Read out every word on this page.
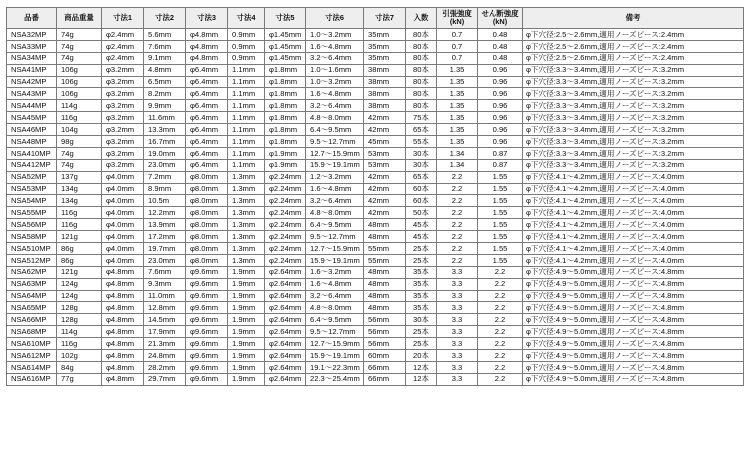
品番	商品重量	寸法1	寸法2	寸法3	寸法4	寸法5	寸法6	寸法7	入数	引張強度(kN)	せん断強度(kN)	備考
NSA32MP	74g	φ2.4mm	5.6mm	φ4.8mm	0.9mm	φ1.45mm	1.0～3.2mm	35mm	80本	0.7	0.48	φ下穴径:2.5～2.6mm,適用ノーズピース:2.4mm
NSA33MP	74g	φ2.4mm	7.6mm	φ4.8mm	0.9mm	φ1.45mm	1.6～4.8mm	35mm	80本	0.7	0.48	φ下穴径:2.5～2.6mm,適用ノーズピース:2.4mm
NSA34MP	74g	φ2.4mm	9.1mm	φ4.8mm	0.9mm	φ1.45mm	3.2～6.4mm	35mm	80本	0.7	0.48	φ下穴径:2.5～2.6mm,適用ノーズピース:2.4mm
NSA41MP	106g	φ3.2mm	4.8mm	φ6.4mm	1.1mm	φ1.8mm	1.0～1.6mm	38mm	80本	1.35	0.96	φ下穴径:3.3～3.4mm,適用ノーズピース:3.2mm
NSA42MP	106g	φ3.2mm	6.5mm	φ6.4mm	1.1mm	φ1.8mm	1.0～3.2mm	38mm	80本	1.35	0.96	φ下穴径:3.3～3.4mm,適用ノーズピース:3.2mm
NSA43MP	106g	φ3.2mm	8.2mm	φ6.4mm	1.1mm	φ1.8mm	1.6～4.8mm	38mm	80本	1.35	0.96	φ下穴径:3.3～3.4mm,適用ノーズピース:3.2mm
NSA44MP	114g	φ3.2mm	9.9mm	φ6.4mm	1.1mm	φ1.8mm	3.2～6.4mm	38mm	80本	1.35	0.96	φ下穴径:3.3～3.4mm,適用ノーズピース:3.2mm
NSA45MP	116g	φ3.2mm	11.6mm	φ6.4mm	1.1mm	φ1.8mm	4.8～8.0mm	42mm	75本	1.35	0.96	φ下穴径:3.3～3.4mm,適用ノーズピース:3.2mm
NSA46MP	104g	φ3.2mm	13.3mm	φ6.4mm	1.1mm	φ1.8mm	6.4～9.5mm	42mm	65本	1.35	0.96	φ下穴径:3.3～3.4mm,適用ノーズピース:3.2mm
NSA48MP	98g	φ3.2mm	16.7mm	φ6.4mm	1.1mm	φ1.8mm	9.5～12.7mm	45mm	55本	1.35	0.96	φ下穴径:3.3～3.4mm,適用ノーズピース:3.2mm
NSA410MP	74g	φ3.2mm	19.0mm	φ6.4mm	1.1mm	φ1.9mm	12.7～15.9mm	53mm	30本	1.34	0.87	φ下穴径:3.3～3.4mm,適用ノーズピース:3.2mm
NSA412MP	74g	φ3.2mm	23.0mm	φ6.4mm	1.1mm	φ1.9mm	15.9～19.1mm	53mm	30本	1.34	0.87	φ下穴径:3.3～3.4mm,適用ノーズピース:3.2mm
NSA52MP	137g	φ4.0mm	7.2mm	φ8.0mm	1.3mm	φ2.24mm	1.2～3.2mm	42mm	65本	2.2	1.55	φ下穴径:4.1～4.2mm,適用ノーズピース:4.0mm
NSA53MP	134g	φ4.0mm	8.9mm	φ8.0mm	1.3mm	φ2.24mm	1.6～4.8mm	42mm	60本	2.2	1.55	φ下穴径:4.1～4.2mm,適用ノーズピース:4.0mm
NSA54MP	134g	φ4.0mm	10.5m	φ8.0mm	1.3mm	φ2.24mm	3.2～6.4mm	42mm	60本	2.2	1.55	φ下穴径:4.1～4.2mm,適用ノーズピース:4.0mm
NSA55MP	116g	φ4.0mm	12.2mm	φ8.0mm	1.3mm	φ2.24mm	4.8～8.0mm	42mm	50本	2.2	1.55	φ下穴径:4.1～4.2mm,適用ノーズピース:4.0mm
NSA56MP	116g	φ4.0mm	13.9mm	φ8.0mm	1.3mm	φ2.24mm	6.4～9.5mm	48mm	45本	2.2	1.55	φ下穴径:4.1～4.2mm,適用ノーズピース:4.0mm
NSA58MP	121g	φ4.0mm	17.2mm	φ8.0mm	1.3mm	φ2.24mm	9.5～12.7mm	48mm	45本	2.2	1.55	φ下穴径:4.1～4.2mm,適用ノーズピース:4.0mm
NSA510MP	86g	φ4.0mm	19.7mm	φ8.0mm	1.3mm	φ2.24mm	12.7～15.9mm	55mm	25本	2.2	1.55	φ下穴径:4.1～4.2mm,適用ノーズピース:4.0mm
NSA512MP	86g	φ4.0mm	23.0mm	φ8.0mm	1.3mm	φ2.24mm	15.9～19.1mm	55mm	25本	2.2	1.55	φ下穴径:4.1～4.2mm,適用ノーズピース:4.0mm
NSA62MP	121g	φ4.8mm	7.6mm	φ9.6mm	1.9mm	φ2.64mm	1.6～3.2mm	48mm	35本	3.3	2.2	φ下穴径:4.9～5.0mm,適用ノーズピース:4.8mm
NSA63MP	124g	φ4.8mm	9.3mm	φ9.6mm	1.9mm	φ2.64mm	1.6～4.8mm	48mm	35本	3.3	2.2	φ下穴径:4.9～5.0mm,適用ノーズピース:4.8mm
NSA64MP	124g	φ4.8mm	11.0mm	φ9.6mm	1.9mm	φ2.64mm	3.2～6.4mm	48mm	35本	3.3	2.2	φ下穴径:4.9～5.0mm,適用ノーズピース:4.8mm
NSA65MP	128g	φ4.8mm	12.8mm	φ9.6mm	1.9mm	φ2.64mm	4.8～8.0mm	48mm	35本	3.3	2.2	φ下穴径:4.9～5.0mm,適用ノーズピース:4.8mm
NSA66MP	128g	φ4.8mm	14.5mm	φ9.6mm	1.9mm	φ2.64mm	6.4～9.5mm	56mm	30本	3.3	2.2	φ下穴径:4.9～5.0mm,適用ノーズピース:4.8mm
NSA68MP	114g	φ4.8mm	17.9mm	φ9.6mm	1.9mm	φ2.64mm	9.5～12.7mm	56mm	25本	3.3	2.2	φ下穴径:4.9～5.0mm,適用ノーズピース:4.8mm
NSA610MP	116g	φ4.8mm	21.3mm	φ9.6mm	1.9mm	φ2.64mm	12.7～15.9mm	56mm	25本	3.3	2.2	φ下穴径:4.9～5.0mm,適用ノーズピース:4.8mm
NSA612MP	102g	φ4.8mm	24.8mm	φ9.6mm	1.9mm	φ2.64mm	15.9～19.1mm	60mm	20本	3.3	2.2	φ下穴径:4.9～5.0mm,適用ノーズピース:4.8mm
NSA614MP	84g	φ4.8mm	28.2mm	φ9.6mm	1.9mm	φ2.64mm	19.1～22.3mm	66mm	12本	3.3	2.2	φ下穴径:4.9～5.0mm,適用ノーズピース:4.8mm
NSA616MP	77g	φ4.8mm	29.7mm	φ9.6mm	1.9mm	φ2.64mm	22.3～25.4mm	66mm	12本	3.3	2.2	φ下穴径:4.9～5.0mm,適用ノーズピース:4.8mm
